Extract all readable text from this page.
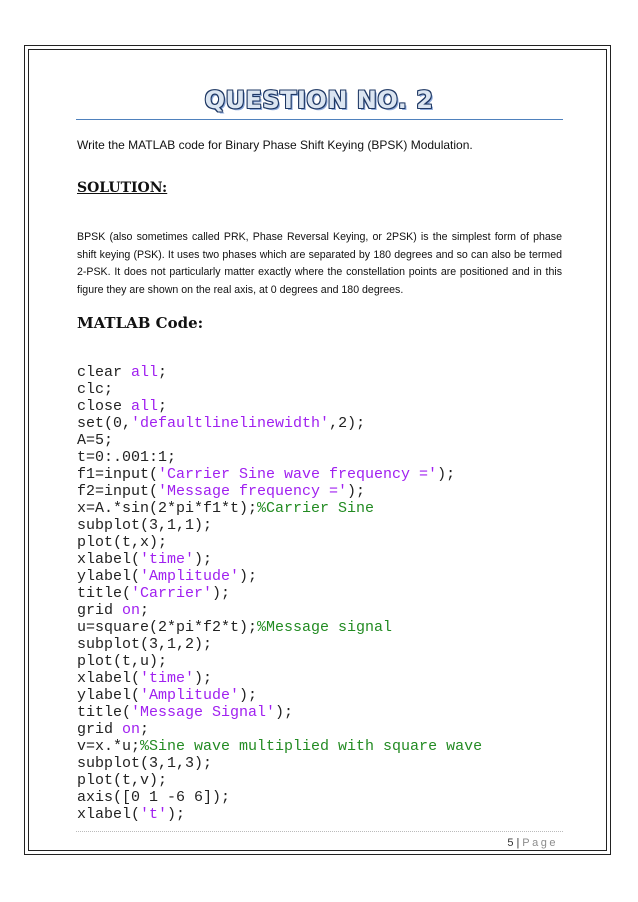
QUESTION NO. 2
Write the MATLAB code for Binary Phase Shift Keying (BPSK) Modulation.
SOLUTION:
BPSK (also sometimes called PRK, Phase Reversal Keying, or 2PSK) is the simplest form of phase shift keying (PSK). It uses two phases which are separated by 180 degrees and so can also be termed 2-PSK. It does not particularly matter exactly where the constellation points are positioned and in this figure they are shown on the real axis, at 0 degrees and 180 degrees.
MATLAB Code:
clear all;
clc;
close all;
set(0,'defaultlinelinewidth',2);
A=5;
t=0:.001:1;
f1=input('Carrier Sine wave frequency =');
f2=input('Message frequency =');
x=A.*sin(2*pi*f1*t);%Carrier Sine
subplot(3,1,1);
plot(t,x);
xlabel('time');
ylabel('Amplitude');
title('Carrier');
grid on;
u=square(2*pi*f2*t);%Message signal
subplot(3,1,2);
plot(t,u);
xlabel('time');
ylabel('Amplitude');
title('Message Signal');
grid on;
v=x.*u;%Sine wave multiplied with square wave
subplot(3,1,3);
plot(t,v);
axis([0 1 -6 6]);
xlabel('t');
5 | Page
